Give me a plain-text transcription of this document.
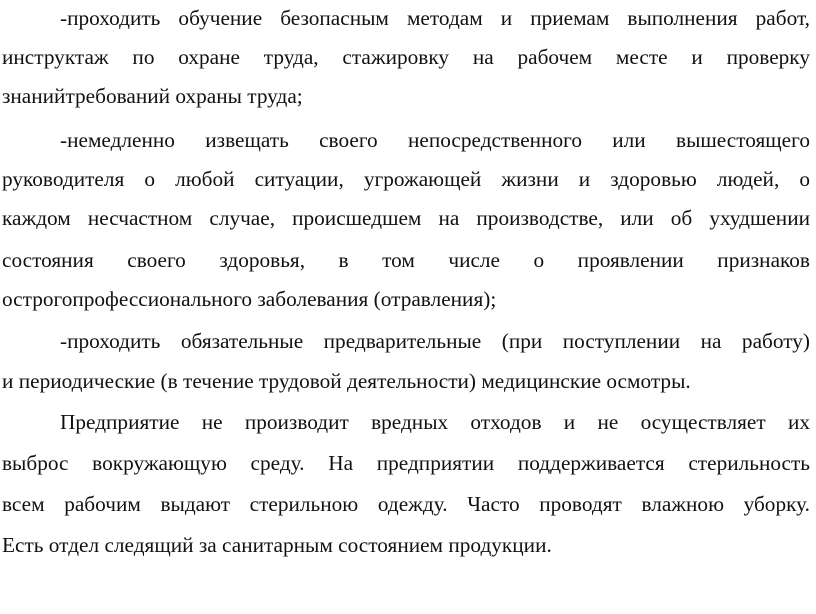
-проходить обучение безопасным методам и приемам выполнения работ,
инструктаж по охране труда, стажировку на рабочем месте и проверку
знанийтребований охраны труда;
-немедленно извещать своего непосредственного или вышестоящего
руководителя о любой ситуации, угрожающей жизни и здоровью людей, о
каждом несчастном случае, происшедшем на производстве, или об ухудшении
состояния своего здоровья, в том числе о проявлении признаков
острогопрофессионального заболевания (отравления);
-проходить обязательные предварительные (при поступлении на работу)
и периодические (в течение трудовой деятельности) медицинские осмотры.
Предприятие не производит вредных отходов и не осуществляет их
выброс вокружающую среду. На предприятии поддерживается стерильность
всем рабочим выдают стерильною одежду. Часто проводят влажною уборку.
Есть отдел следящий за санитарным состоянием продукции.
